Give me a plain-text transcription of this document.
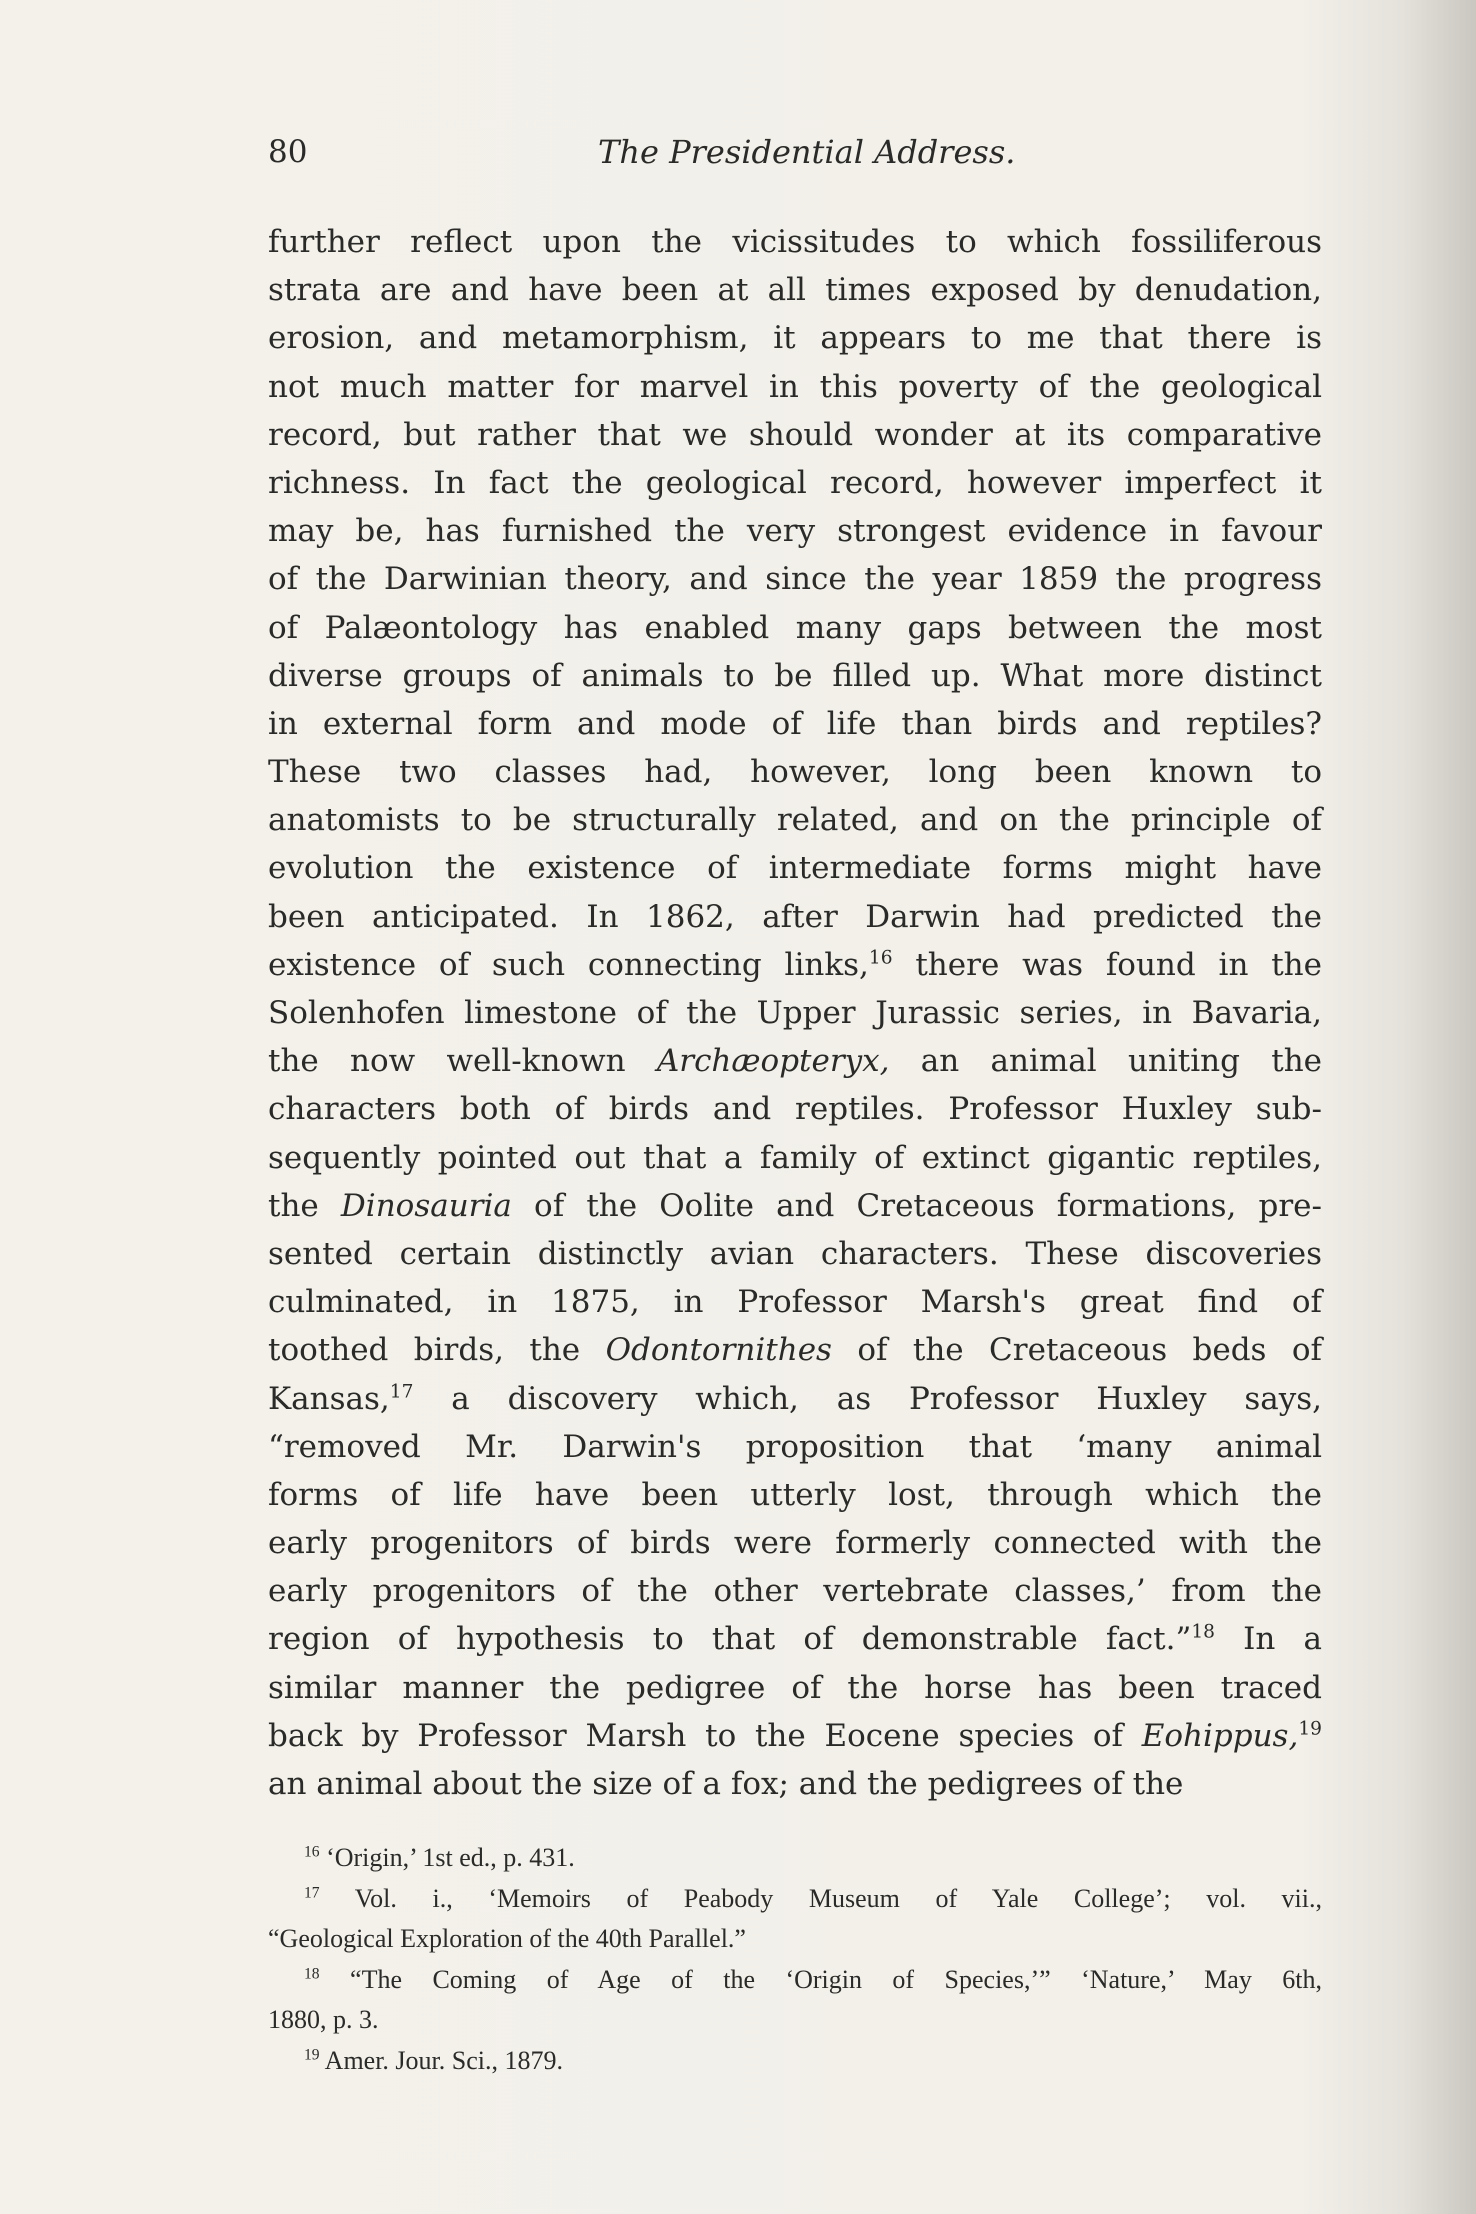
80	The Presidential Address.
further reflect upon the vicissitudes to which fossiliferous
strata are and have been at all times exposed by denudation,
erosion, and metamorphism, it appears to me that there is
not much matter for marvel in this poverty of the geological
record, but rather that we should wonder at its comparative
richness. In fact the geological record, however imperfect it
may be, has furnished the very strongest evidence in favour
of the Darwinian theory, and since the year 1859 the progress
of Palæontology has enabled many gaps between the most
diverse groups of animals to be filled up. What more distinct
in external form and mode of life than birds and reptiles?
These two classes had, however, long been known to
anatomists to be structurally related, and on the principle of
evolution the existence of intermediate forms might have
been anticipated. In 1862, after Darwin had predicted the
existence of such connecting links,$^{16}$ there was found in the
Solenhofen limestone of the Upper Jurassic series, in Bavaria,
the now well-known Archæopteryx, an animal uniting the
characters both of birds and reptiles. Professor Huxley sub-
sequently pointed out that a family of extinct gigantic reptiles,
the Dinosauria of the Oolite and Cretaceous formations, pre-
sented certain distinctly avian characters. These discoveries
culminated, in 1875, in Professor Marsh's great find of
toothed birds, the Odontornithes of the Cretaceous beds of
Kansas,$^{17}$ a discovery which, as Professor Huxley says,
“removed Mr. Darwin's proposition that ‘many animal
forms of life have been utterly lost, through which the
early progenitors of birds were formerly connected with the
early progenitors of the other vertebrate classes,’ from the
region of hypothesis to that of demonstrable fact.”$^{18}$ In a
similar manner the pedigree of the horse has been traced
back by Professor Marsh to the Eocene species of Eohippus,$^{19}$
an animal about the size of a fox; and the pedigrees of the
$^{16}$ ‘Origin,’ 1st ed., p. 431.
$^{17}$ Vol. i., ‘Memoirs of Peabody Museum of Yale College’; vol. vii.,
“Geological Exploration of the 40th Parallel.”
$^{18}$ “The Coming of Age of the ‘Origin of Species,’” ‘Nature,’ May 6th,
1880, p. 3.
$^{19}$ Amer. Jour. Sci., 1879.
